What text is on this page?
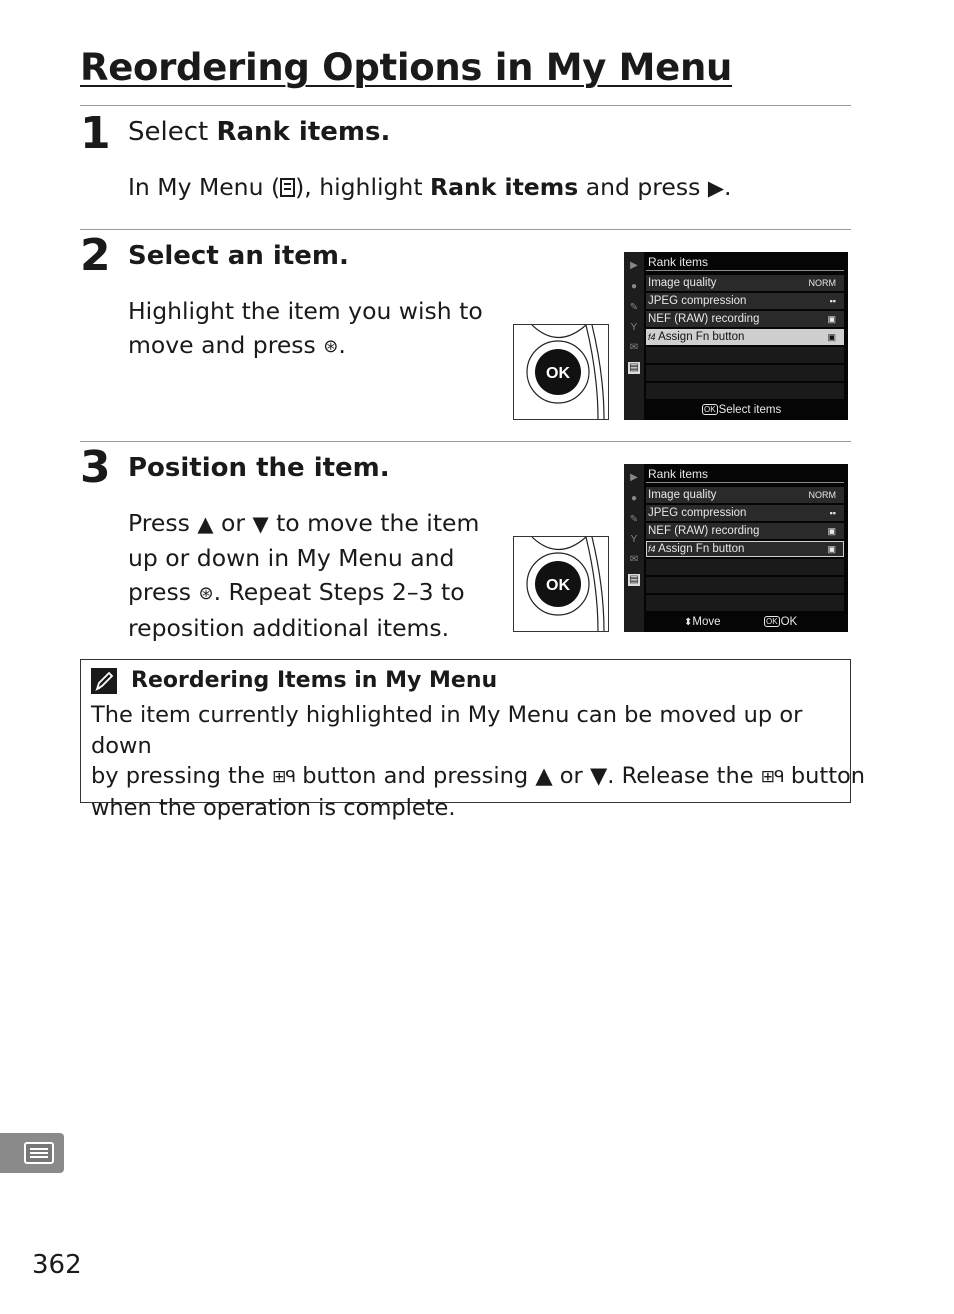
Reordering Options in My Menu
1 Select Rank items.
In My Menu ( ), highlight Rank items and press ▶.
2 Select an item.
Highlight the item you wish to
move and press ⊛.
OK
▶
●
✎
Y
✉
▤
Rank items
Image quality	NORM
JPEG compression	▪▪
NEF (RAW) recording	▣
f4 Assign Fn button	▣
OK Select items
3 Position the item.
Press ▲ or ▼ to move the item
up or down in My Menu and
press ⊛. Repeat Steps 2–3 to
reposition additional items.
OK
▶
●
✎
Y
✉
▤
Rank items
Image quality	NORM
JPEG compression	▪▪
NEF (RAW) recording	▣
f4 Assign Fn button	▣
⬍Move	OK OK
Reordering Items in My Menu
The item currently highlighted in My Menu can be moved up or down
by pressing the ⊞ᑫ button and pressing ▲ or ▼. Release the ⊞ᑫ button
when the operation is complete.
362
